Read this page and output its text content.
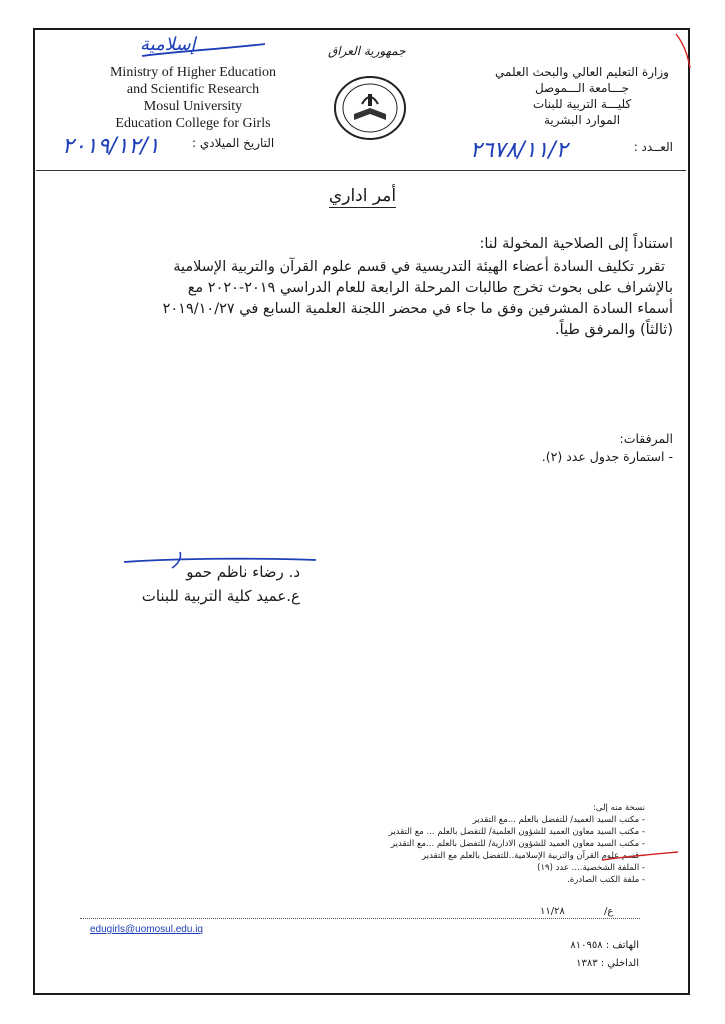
إسلامية
Ministry of Higher Education
and Scientific Research
Mosul University
Education College for Girls
جمهورية العراق
وزارة التعليم العالي والبحث العلمي
جـــامعة الـــموصل
كليـــة التربية للبنات
الموارد البشرية
٢٠١٩/١٢/١	التاريخ الميلادي :	٢٦٧٨/١١/٢	العــدد :
أمر اداري
استناداً إلى الصلاحية المخولة لنا:
تقرر تكليف السادة أعضاء الهيئة التدريسية في قسم علوم القرآن والتربية الإسلامية
بالإشراف على بحوث تخرج طالبات المرحلة الرابعة للعام الدراسي ٢٠١٩-٢٠٢٠ مع
أسماء السادة المشرفين وفق ما جاء في محضر اللجنة العلمية السابع في ٢٠١٩/١٠/٢٧
(ثالثاً) والمرفق طياً.
المرفقات:
- استمارة جدول عدد (٢).
د. رضاء ناظم حمو
ع.عميد كلية التربية للبنات
نسخة منه إلى:
- مكتب السيد العميد/ للتفضل بالعلم ...مع التقدير
- مكتب السيد معاون العميد للشؤون العلمية/ للتفضل بالعلم ... مع التقدير
- مكتب السيد معاون العميد للشؤون الادارية/ للتفضل بالعلم ...مع التقدير
- قسم علوم القرآن والتربية الإسلامية..للتفضل بالعلم مع التقدير
- الملفة الشخصية.... عدد (١٩)
- ملفة الكتب الصادرة.
ع/
١١/٢٨
edugirls@uomosul.edu.iq
الهاتف : ٨١٠٩٥٨
الداخلي : ١٣٨٣
